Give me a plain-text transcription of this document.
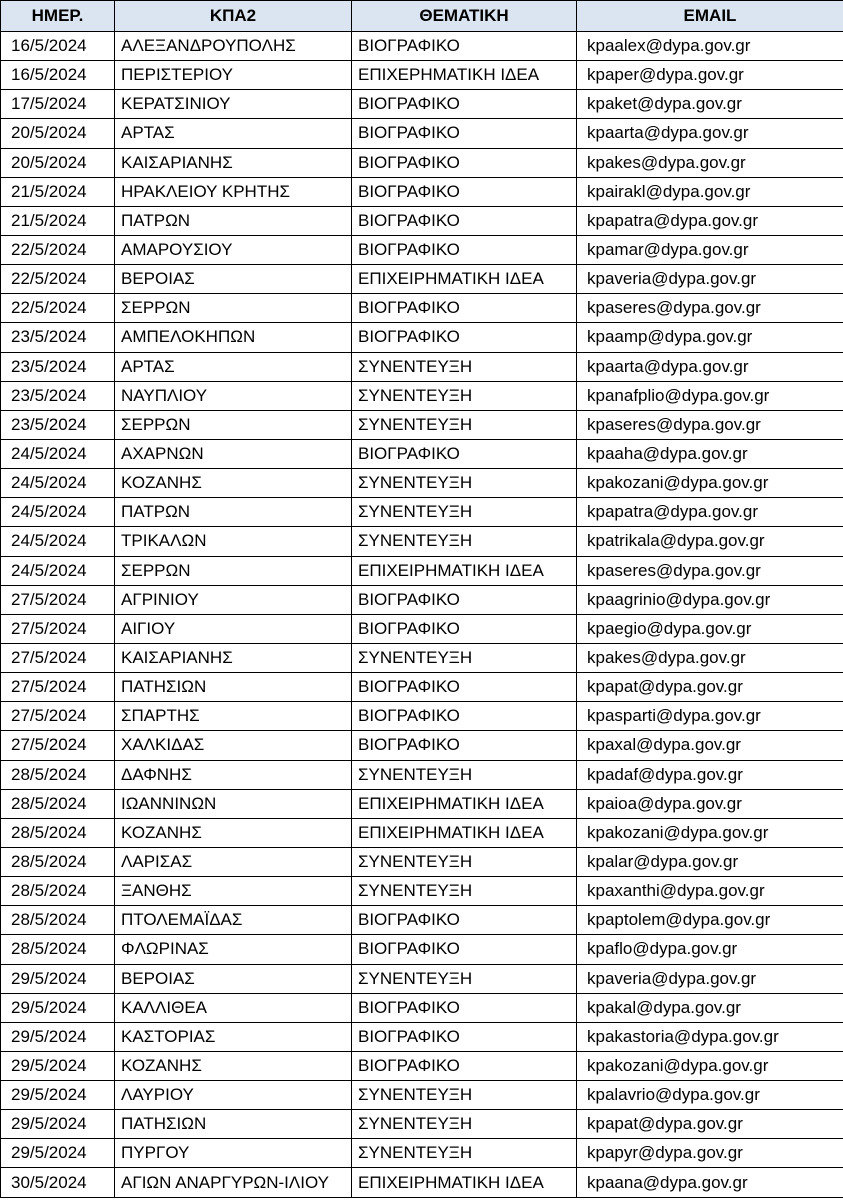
ΗΜΕΡ.	ΚΠΑ2	ΘΕΜΑΤΙΚΗ	EMAIL
16/5/2024	ΑΛΕΞΑΝΔΡΟΥΠΟΛΗΣ	ΒΙΟΓΡΑΦΙΚΟ	kpaalex@dypa.gov.gr
16/5/2024	ΠΕΡΙΣΤΕΡΙΟΥ	ΕΠΙΧΕΡΗΜΑΤΙΚΗ ΙΔΕΑ	kpaper@dypa.gov.gr
17/5/2024	ΚΕΡΑΤΣΙΝΙΟΥ	ΒΙΟΓΡΑΦΙΚΟ	kpaket@dypa.gov.gr
20/5/2024	ΑΡΤΑΣ	ΒΙΟΓΡΑΦΙΚΟ	kpaarta@dypa.gov.gr
20/5/2024	ΚΑΙΣΑΡΙΑΝΗΣ	ΒΙΟΓΡΑΦΙΚΟ	kpakes@dypa.gov.gr
21/5/2024	ΗΡΑΚΛΕΙΟΥ ΚΡΗΤΗΣ	ΒΙΟΓΡΑΦΙΚΟ	kpairakl@dypa.gov.gr
21/5/2024	ΠΑΤΡΩΝ	ΒΙΟΓΡΑΦΙΚΟ	kpapatra@dypa.gov.gr
22/5/2024	ΑΜΑΡΟΥΣΙΟΥ	ΒΙΟΓΡΑΦΙΚΟ	kpamar@dypa.gov.gr
22/5/2024	ΒΕΡΟΙΑΣ	ΕΠΙΧΕΙΡΗΜΑΤΙΚΗ ΙΔΕΑ	kpaveria@dypa.gov.gr
22/5/2024	ΣΕΡΡΩΝ	ΒΙΟΓΡΑΦΙΚΟ	kpaseres@dypa.gov.gr
23/5/2024	ΑΜΠΕΛΟΚΗΠΩΝ	ΒΙΟΓΡΑΦΙΚΟ	kpaamp@dypa.gov.gr
23/5/2024	ΑΡΤΑΣ	ΣΥΝΕΝΤΕΥΞΗ	kpaarta@dypa.gov.gr
23/5/2024	ΝΑΥΠΛΙΟΥ	ΣΥΝΕΝΤΕΥΞΗ	kpanafplio@dypa.gov.gr
23/5/2024	ΣΕΡΡΩΝ	ΣΥΝΕΝΤΕΥΞΗ	kpaseres@dypa.gov.gr
24/5/2024	ΑΧΑΡΝΩΝ	ΒΙΟΓΡΑΦΙΚΟ	kpaaha@dypa.gov.gr
24/5/2024	ΚΟΖΑΝΗΣ	ΣΥΝΕΝΤΕΥΞΗ	kpakozani@dypa.gov.gr
24/5/2024	ΠΑΤΡΩΝ	ΣΥΝΕΝΤΕΥΞΗ	kpapatra@dypa.gov.gr
24/5/2024	ΤΡΙΚΑΛΩΝ	ΣΥΝΕΝΤΕΥΞΗ	kpatrikala@dypa.gov.gr
24/5/2024	ΣΕΡΡΩΝ	ΕΠΙΧΕΙΡΗΜΑΤΙΚΗ ΙΔΕΑ	kpaseres@dypa.gov.gr
27/5/2024	ΑΓΡΙΝΙΟΥ	ΒΙΟΓΡΑΦΙΚΟ	kpaagrinio@dypa.gov.gr
27/5/2024	ΑΙΓΙΟΥ	ΒΙΟΓΡΑΦΙΚΟ	kpaegio@dypa.gov.gr
27/5/2024	ΚΑΙΣΑΡΙΑΝΗΣ	ΣΥΝΕΝΤΕΥΞΗ	kpakes@dypa.gov.gr
27/5/2024	ΠΑΤΗΣΙΩΝ	ΒΙΟΓΡΑΦΙΚΟ	kpapat@dypa.gov.gr
27/5/2024	ΣΠΑΡΤΗΣ	ΒΙΟΓΡΑΦΙΚΟ	kpasparti@dypa.gov.gr
27/5/2024	ΧΑΛΚΙΔΑΣ	ΒΙΟΓΡΑΦΙΚΟ	kpaxal@dypa.gov.gr
28/5/2024	ΔΑΦΝΗΣ	ΣΥΝΕΝΤΕΥΞΗ	kpadaf@dypa.gov.gr
28/5/2024	ΙΩΑΝΝΙΝΩΝ	ΕΠΙΧΕΙΡΗΜΑΤΙΚΗ ΙΔΕΑ	kpaioa@dypa.gov.gr
28/5/2024	ΚΟΖΑΝΗΣ	ΕΠΙΧΕΙΡΗΜΑΤΙΚΗ ΙΔΕΑ	kpakozani@dypa.gov.gr
28/5/2024	ΛΑΡΙΣΑΣ	ΣΥΝΕΝΤΕΥΞΗ	kpalar@dypa.gov.gr
28/5/2024	ΞΑΝΘΗΣ	ΣΥΝΕΝΤΕΥΞΗ	kpaxanthi@dypa.gov.gr
28/5/2024	ΠΤΟΛΕΜΑΪΔΑΣ	ΒΙΟΓΡΑΦΙΚΟ	kpaptolem@dypa.gov.gr
28/5/2024	ΦΛΩΡΙΝΑΣ	ΒΙΟΓΡΑΦΙΚΟ	kpaflo@dypa.gov.gr
29/5/2024	ΒΕΡΟΙΑΣ	ΣΥΝΕΝΤΕΥΞΗ	kpaveria@dypa.gov.gr
29/5/2024	ΚΑΛΛΙΘΕΑ	ΒΙΟΓΡΑΦΙΚΟ	kpakal@dypa.gov.gr
29/5/2024	ΚΑΣΤΟΡΙΑΣ	ΒΙΟΓΡΑΦΙΚΟ	kpakastoria@dypa.gov.gr
29/5/2024	ΚΟΖΑΝΗΣ	ΒΙΟΓΡΑΦΙΚΟ	kpakozani@dypa.gov.gr
29/5/2024	ΛΑΥΡΙΟΥ	ΣΥΝΕΝΤΕΥΞΗ	kpalavrio@dypa.gov.gr
29/5/2024	ΠΑΤΗΣΙΩΝ	ΣΥΝΕΝΤΕΥΞΗ	kpapat@dypa.gov.gr
29/5/2024	ΠΥΡΓΟΥ	ΣΥΝΕΝΤΕΥΞΗ	kpapyr@dypa.gov.gr
30/5/2024	ΑΓΙΩΝ ΑΝΑΡΓΥΡΩΝ-ΙΛΙΟΥ	ΕΠΙΧΕΙΡΗΜΑΤΙΚΗ ΙΔΕΑ	kpaana@dypa.gov.gr
